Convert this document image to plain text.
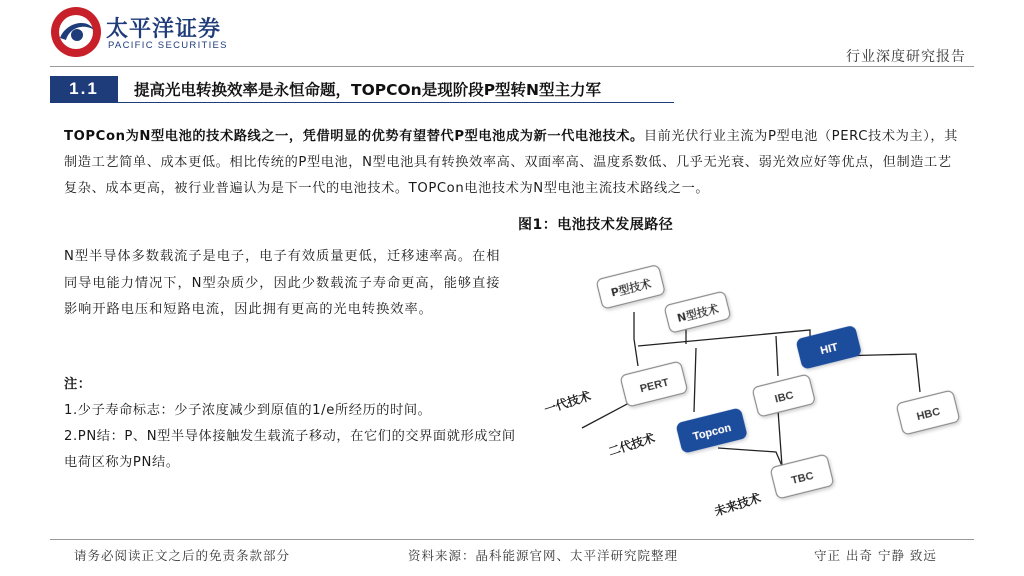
太平洋证券
PACIFIC SECURITIES
行业深度研究报告
1.1	提高光电转换效率是永恒命题，TOPCOn是现阶段P型转N型主力军
TOPCon为N型电池的技术路线之一，凭借明显的优势有望替代P型电池成为新一代电池技术。目前光伏行业主流为P型电池（PERC技术为主），其制造工艺简单、成本更低。相比传统的P型电池，N型电池具有转换效率高、双面率高、温度系数低、几乎无光衰、弱光效应好等优点，但制造工艺复杂、成本更高，被行业普遍认为是下一代的电池技术。TOPCon电池技术为N型电池主流技术路线之一。
图1：电池技术发展路径
N型半导体多数载流子是电子，电子有效质量更低，迁移速率高。在相同导电能力情况下，N型杂质少，因此少数载流子寿命更高，能够直接影响开路电压和短路电流，因此拥有更高的光电转换效率。
注：
1.少子寿命标志：少子浓度减少到原值的1/e所经历的时间。
2.PN结：P、N型半导体接触发生载流子移动，在它们的交界面就形成空间电荷区称为PN结。
P型技术
N型技术
HIT
PERT
IBC
HBC
Topcon
TBC
一代技术
二代技术
未来技术
请务必阅读正文之后的免责条款部分	资料来源：晶科能源官网、太平洋研究院整理	守正 出奇 宁静 致远
